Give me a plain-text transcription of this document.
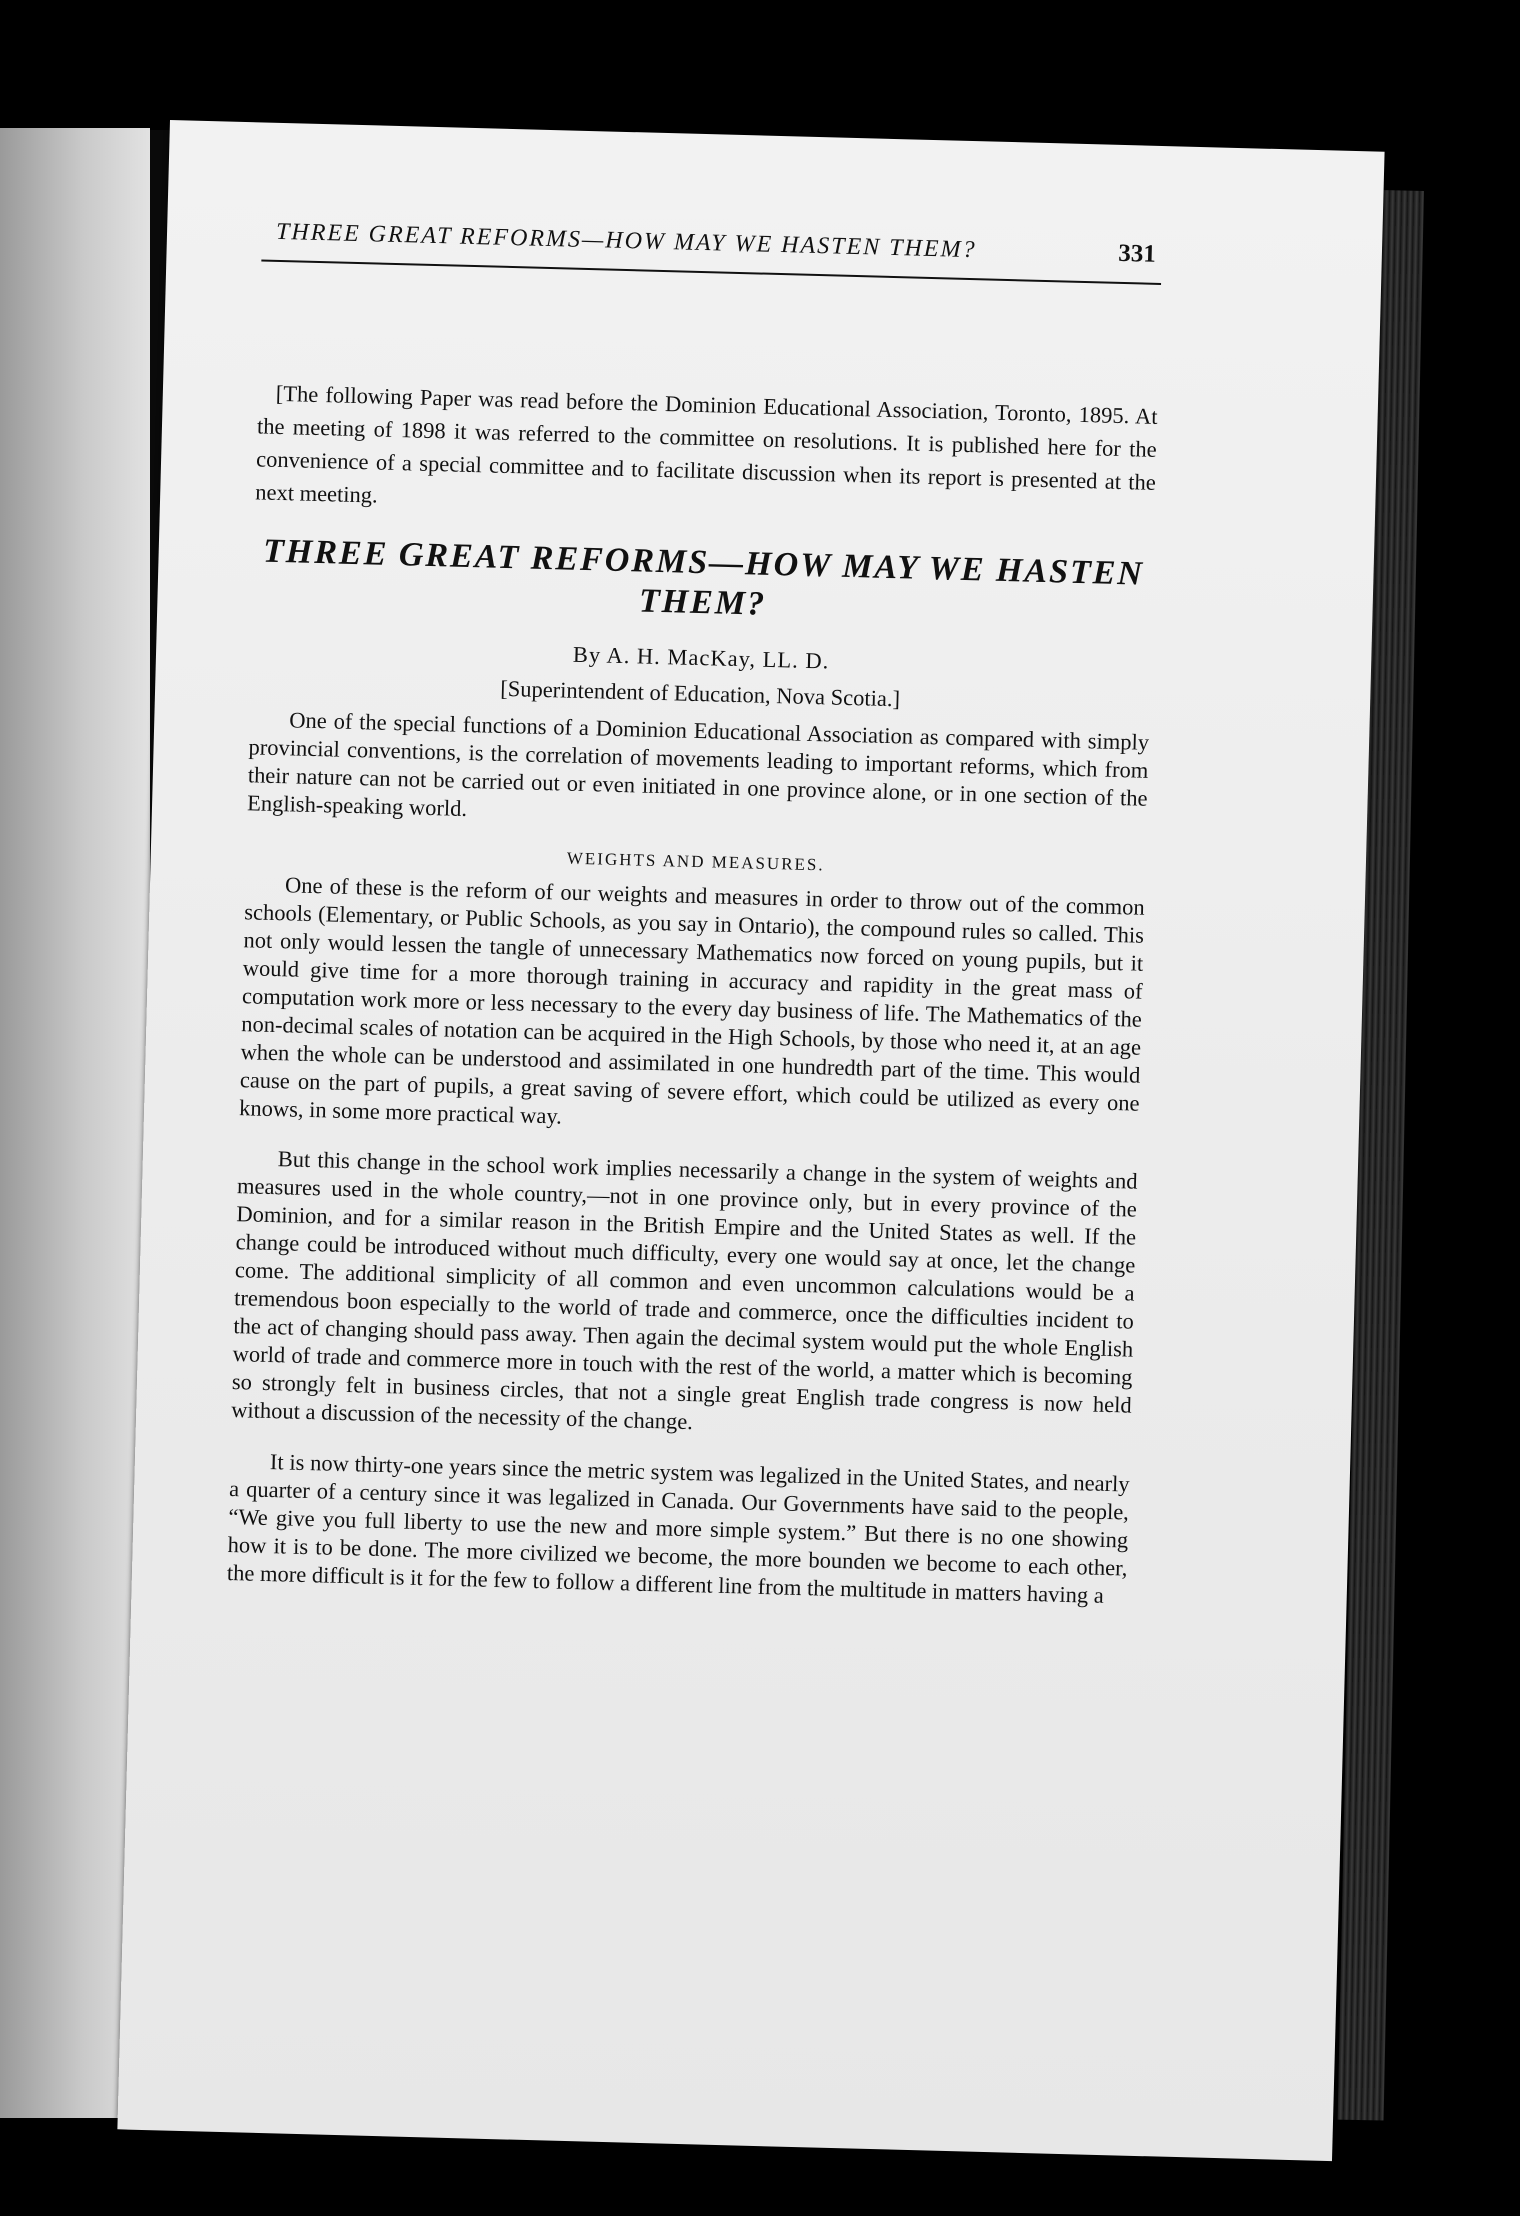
THREE GREAT REFORMS—HOW MAY WE HASTEN THEM?	331

[The following Paper was read before the Dominion Educational Association, Toronto, 1895. At the meeting of 1898 it was referred to the committee on resolutions. It is published here for the convenience of a special committee and to facilitate discussion when its report is presented at the next meeting.

THREE GREAT REFORMS—HOW MAY WE HASTEN THEM?
By A. H. MacKay, LL. D.
[Superintendent of Education, Nova Scotia.]

One of the special functions of a Dominion Educational Association as compared with simply provincial conventions, is the correlation of movements leading to important reforms, which from their nature can not be carried out or even initiated in one province alone, or in one section of the English-speaking world.

WEIGHTS AND MEASURES.

One of these is the reform of our weights and measures in order to throw out of the common schools (Elementary, or Public Schools, as you say in Ontario), the compound rules so called. This not only would lessen the tangle of unnecessary Mathematics now forced on young pupils, but it would give time for a more thorough training in accuracy and rapidity in the great mass of computation work more or less necessary to the every day business of life. The Mathematics of the non-decimal scales of notation can be acquired in the High Schools, by those who need it, at an age when the whole can be understood and assimilated in one hundredth part of the time. This would cause on the part of pupils, a great saving of severe effort, which could be utilized as every one knows, in some more practical way.

But this change in the school work implies necessarily a change in the system of weights and measures used in the whole country,—not in one province only, but in every province of the Dominion, and for a similar reason in the British Empire and the United States as well. If the change could be introduced without much difficulty, every one would say at once, let the change come. The additional simplicity of all common and even uncommon calculations would be a tremendous boon especially to the world of trade and commerce, once the difficulties incident to the act of changing should pass away. Then again the decimal system would put the whole English world of trade and commerce more in touch with the rest of the world, a matter which is becoming so strongly felt in business circles, that not a single great English trade congress is now held without a discussion of the necessity of the change.

It is now thirty-one years since the metric system was legalized in the United States, and nearly a quarter of a century since it was legalized in Canada. Our Governments have said to the people, “We give you full liberty to use the new and more simple system.” But there is no one showing how it is to be done. The more civilized we become, the more bounden we become to each other, the more difficult is it for the few to follow a different line from the multitude in matters having a
